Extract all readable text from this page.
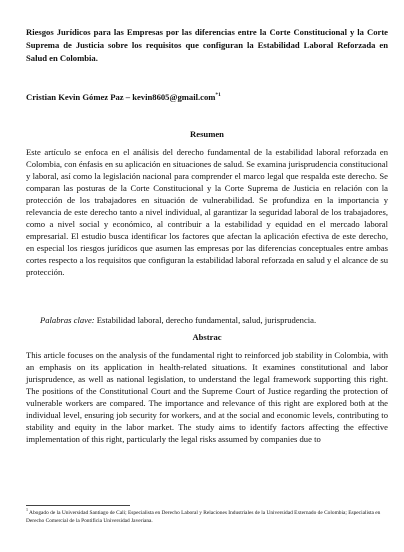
Riesgos Jurídicos para las Empresas por las diferencias entre la Corte Constitucional y la Corte Suprema de Justicia sobre los requisitos que configuran la Estabilidad Laboral Reforzada en Salud en Colombia.

Cristian Kevin Gómez Paz – kevin8605@gmail.com$^{*1}$

Resumen

Este artículo se enfoca en el análisis del derecho fundamental de la estabilidad laboral reforzada en Colombia, con énfasis en su aplicación en situaciones de salud. Se examina jurisprudencia constitucional y laboral, así como la legislación nacional para comprender el marco legal que respalda este derecho. Se comparan las posturas de la Corte Constitucional y la Corte Suprema de Justicia en relación con la protección de los trabajadores en situación de vulnerabilidad. Se profundiza en la importancia y relevancia de este derecho tanto a nivel individual, al garantizar la seguridad laboral de los trabajadores, como a nivel social y económico, al contribuir a la estabilidad y equidad en el mercado laboral empresarial. El estudio busca identificar los factores que afectan la aplicación efectiva de este derecho, en especial los riesgos jurídicos que asumen las empresas por las diferencias conceptuales entre ambas cortes respecto a los requisitos que configuran la estabilidad laboral reforzada en salud y el alcance de su protección.

Palabras clave: Estabilidad laboral, derecho fundamental, salud, jurisprudencia.

Abstrac

This article focuses on the analysis of the fundamental right to reinforced job stability in Colombia, with an emphasis on its application in health-related situations. It examines constitutional and labor jurisprudence, as well as national legislation, to understand the legal framework supporting this right. The positions of the Constitutional Court and the Supreme Court of Justice regarding the protection of vulnerable workers are compared. The importance and relevance of this right are explored both at the individual level, ensuring job security for workers, and at the social and economic levels, contributing to stability and equity in the labor market. The study aims to identify factors affecting the effective implementation of this right, particularly the legal risks assumed by companies due to

$^1$ Abogado de la Universidad Santiago de Cali; Especialista en Derecho Laboral y Relaciones Industriales de la Universidad Externado de Colombia; Especialista en Derecho Comercial de la Pontificia Universidad Javeriana.
